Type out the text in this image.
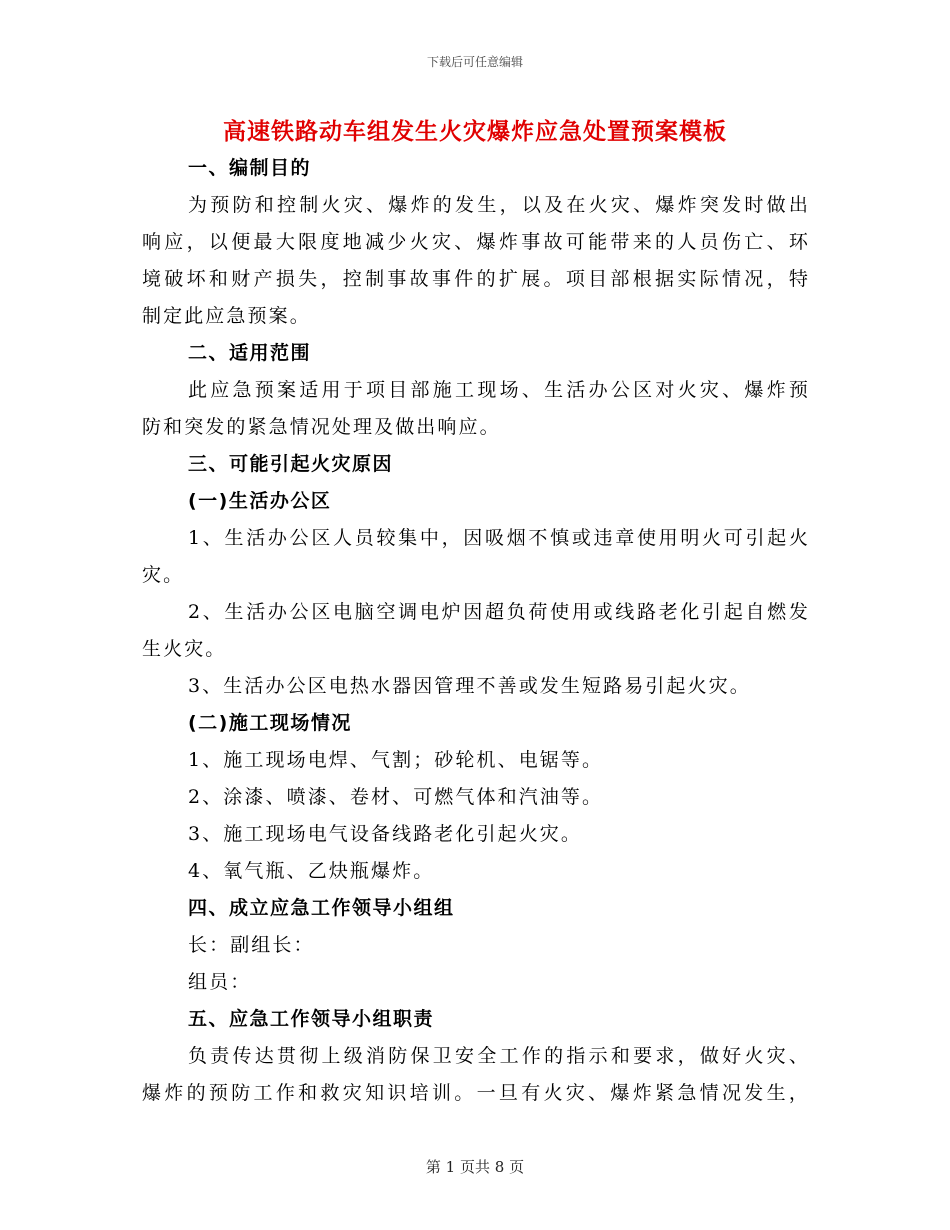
下载后可任意编辑
高速铁路动车组发生火灾爆炸应急处置预案模板
一、编制目的
为预防和控制火灾、爆炸的发生，以及在火灾、爆炸突发时做出
响应，以便最大限度地减少火灾、爆炸事故可能带来的人员伤亡、环
境破坏和财产损失，控制事故事件的扩展。项目部根据实际情况，特
制定此应急预案。
二、适用范围
此应急预案适用于项目部施工现场、生活办公区对火灾、爆炸预
防和突发的紧急情况处理及做出响应。
三、可能引起火灾原因
(一)生活办公区
1、生活办公区人员较集中，因吸烟不慎或违章使用明火可引起火
灾。
2、生活办公区电脑空调电炉因超负荷使用或线路老化引起自燃发
生火灾。
3、生活办公区电热水器因管理不善或发生短路易引起火灾。
(二)施工现场情况
1、施工现场电焊、气割；砂轮机、电锯等。
2、涂漆、喷漆、卷材、可燃气体和汽油等。
3、施工现场电气设备线路老化引起火灾。
4、氧气瓶、乙炔瓶爆炸。
四、成立应急工作领导小组组
长：副组长：
组员：
五、应急工作领导小组职责
负责传达贯彻上级消防保卫安全工作的指示和要求，做好火灾、
爆炸的预防工作和救灾知识培训。一旦有火灾、爆炸紧急情况发生，
第 1 页共 8 页
